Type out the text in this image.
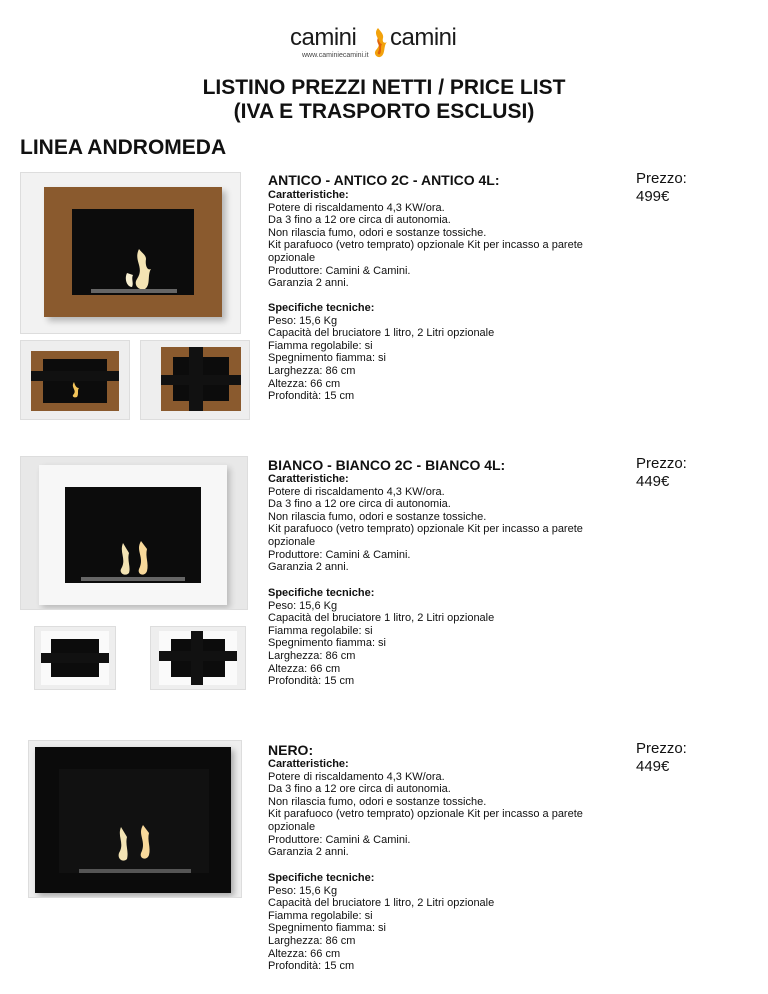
camini camini
www.caminiecamini.it
LISTINO PREZZI NETTI / PRICE LIST
(IVA E TRASPORTO ESCLUSI)
LINEA ANDROMEDA
ANTICO - ANTICO 2C - ANTICO 4L:
Caratteristiche:
Potere di riscaldamento 4,3 KW/ora.
Da 3 fino a 12 ore circa di autonomia.
Non rilascia fumo, odori e sostanze tossiche.
Kit parafuoco (vetro temprato) opzionale Kit per incasso a parete
opzionale
Produttore: Camini & Camini.
Garanzia 2 anni.
Specifiche tecniche:
Peso: 15,6 Kg
Capacità del bruciatore 1 litro, 2 Litri opzionale
Fiamma regolabile: si
Spegnimento fiamma: si
Larghezza: 86 cm
Altezza: 66 cm
Profondità: 15 cm
Prezzo:
499€
BIANCO - BIANCO 2C - BIANCO 4L:
Caratteristiche:
Potere di riscaldamento 4,3 KW/ora.
Da 3 fino a 12 ore circa di autonomia.
Non rilascia fumo, odori e sostanze tossiche.
Kit parafuoco (vetro temprato) opzionale Kit per incasso a parete
opzionale
Produttore: Camini & Camini.
Garanzia 2 anni.
Specifiche tecniche:
Peso: 15,6 Kg
Capacità del bruciatore 1 litro, 2 Litri opzionale
Fiamma regolabile: si
Spegnimento fiamma: si
Larghezza: 86 cm
Altezza: 66 cm
Profondità: 15 cm
Prezzo:
449€
NERO:
Caratteristiche:
Potere di riscaldamento 4,3 KW/ora.
Da 3 fino a 12 ore circa di autonomia.
Non rilascia fumo, odori e sostanze tossiche.
Kit parafuoco (vetro temprato) opzionale Kit per incasso a parete
opzionale
Produttore: Camini & Camini.
Garanzia 2 anni.
Specifiche tecniche:
Peso: 15,6 Kg
Capacità del bruciatore 1 litro, 2 Litri opzionale
Fiamma regolabile: si
Spegnimento fiamma: si
Larghezza: 86 cm
Altezza: 66 cm
Profondità: 15 cm
Prezzo:
449€
